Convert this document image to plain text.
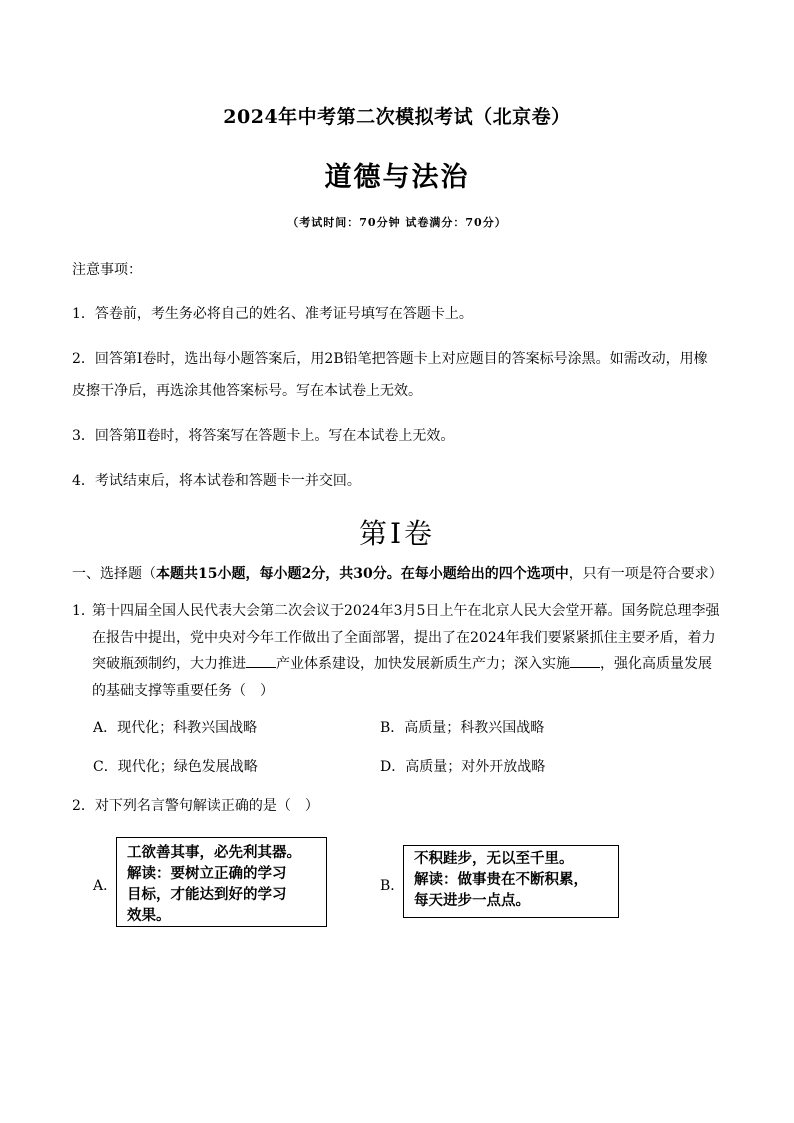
2024年中考第二次模拟考试（北京卷）
道德与法治
（考试时间：70分钟 试卷满分：70分）
注意事项：
1．答卷前，考生务必将自己的姓名、准考证号填写在答题卡上。
2．回答第Ⅰ卷时，选出每小题答案后，用2B铅笔把答题卡上对应题目的答案标号涂黑。如需改动，用橡
皮擦干净后，再选涂其他答案标号。写在本试卷上无效。
3．回答第Ⅱ卷时，将答案写在答题卡上。写在本试卷上无效。
4．考试结束后，将本试卷和答题卡一并交回。
第Ⅰ卷
一、选择题（本题共15小题，每小题2分，共30分。在每小题给出的四个选项中，只有一项是符合要求）
1．
第十四届全国人民代表大会第二次会议于2024年3月5日上午在北京人民大会堂开幕。国务院总理李强在报告中提出，党中央对今年工作做出了全面部署，提出了在2024年我们要紧紧抓住主要矛盾，着力突破瓶颈制约，大力推进 产业体系建设，加快发展新质生产力；深入实施 ，强化高质量发展的基础支撑等重要任务（　）
A．现代化；科教兴国战略	B．高质量；科教兴国战略
C．现代化；绿色发展战略	D．高质量；对外开放战略
2．对下列名言警句解读正确的是（　）
A．
工欲善其事，必先利其器。
解读：要树立正确的学习
目标，才能达到好的学习
效果。
B．
不积跬步，无以至千里。
解读：做事贵在不断积累，
每天进步一点点。
